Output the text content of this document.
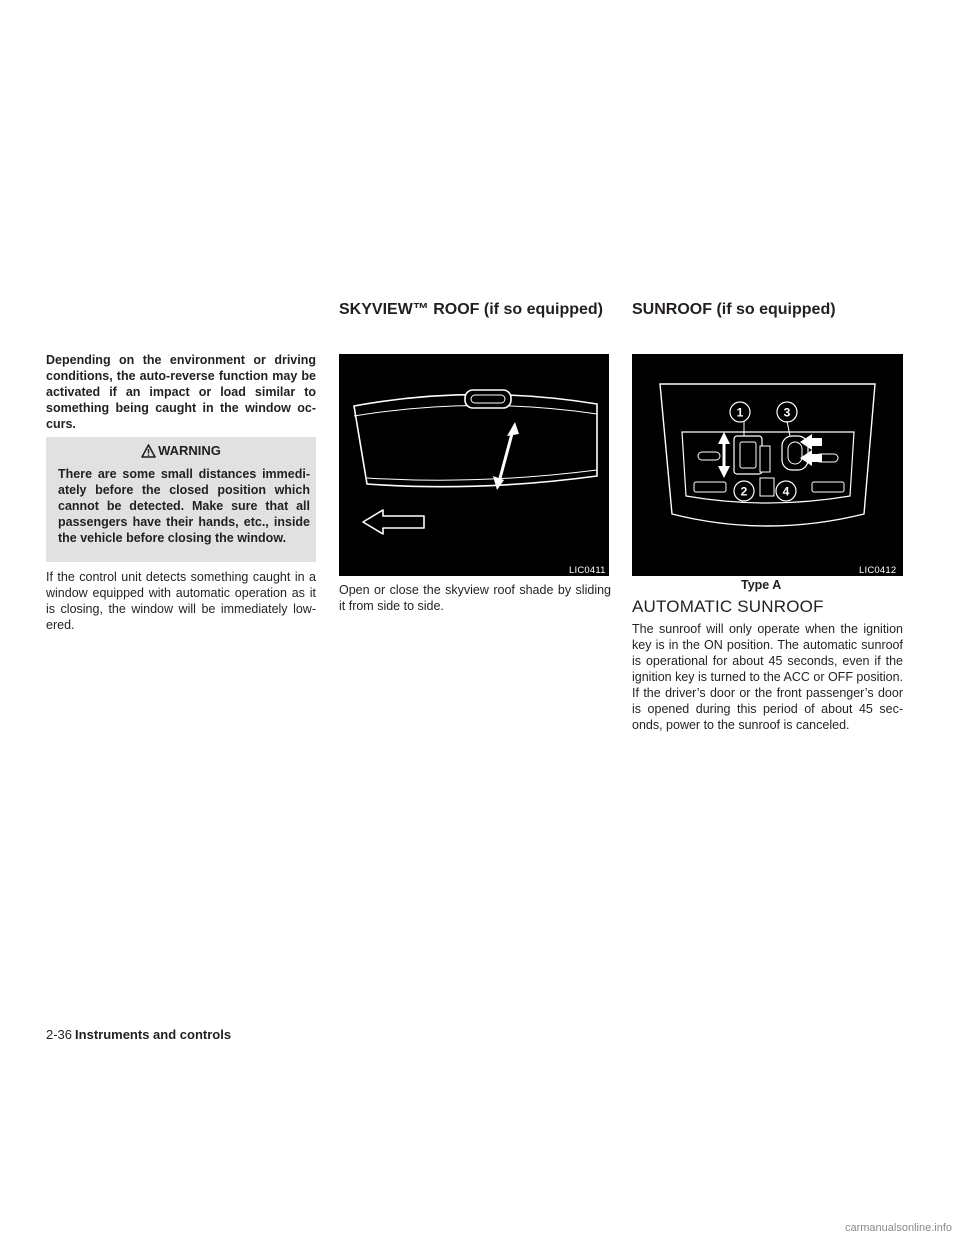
Depending on the environment or driving conditions, the auto-reverse function may be activated if an impact or load similar to something being caught in the window oc-curs.
WARNING
There are some small distances immedi-ately before the closed position which cannot be detected. Make sure that all passengers have their hands, etc., inside the vehicle before closing the window.
If the control unit detects something caught in a window equipped with automatic operation as it is closing, the window will be immediately low-ered.
SKYVIEW™ ROOF (if so equipped) SUNROOF (if so equipped)
LIC0411
Open or close the skyview roof shade by sliding it from side to side.
1	3
2	4
Type A
LIC0412
AUTOMATIC SUNROOF
The sunroof will only operate when the ignition key is in the ON position. The automatic sunroof is operational for about 45 seconds, even if the ignition key is turned to the ACC or OFF position. If the driver’s door or the front passenger’s door is opened during this period of about 45 sec-onds, power to the sunroof is canceled.
2-36 Instruments and controls
carmanualsonline.info
